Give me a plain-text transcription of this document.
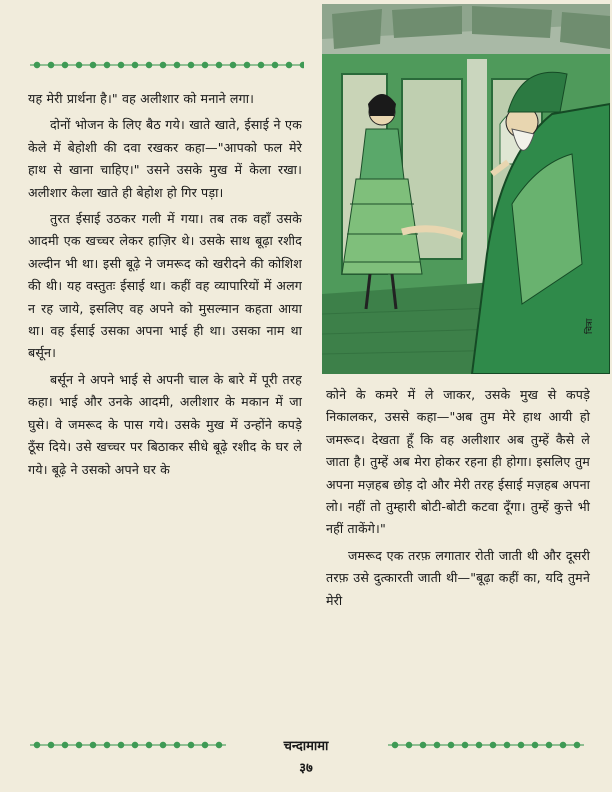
चित्रा

यह मेरी प्रार्थना है।" वह अलीशार को मनाने लगा।

दोनों भोजन के लिए बैठ गये। खाते खाते, ईसाई ने एक केले में बेहोशी की दवा रखकर कहा—"आपको फल मेरे हाथ से खाना चाहिए।" उसने उसके मुख में केला रखा। अलीशार केला खाते ही बेहोश हो गिर पड़ा।

तुरत ईसाई उठकर गली में गया। तब तक वहाँ उसके आदमी एक खच्चर लेकर हाज़िर थे। उसके साथ बूढ़ा रशीद अल्दीन भी था। इसी बूढ़े ने जमरूद को खरीदने की कोशिश की थी। यह वस्तुतः ईसाई था। कहीं वह व्यापारियों में अलग न रह जाये, इसलिए वह अपने को मुसल्मान कहता आया था। वह ईसाई उसका अपना भाई ही था। उसका नाम था बर्सून।

बर्सून ने अपने भाई से अपनी चाल के बारे में पूरी तरह कहा। भाई और उनके आदमी, अलीशार के मकान में जा घुसे। वे जमरूद के पास गये। उसके मुख में उन्होंने कपड़े ठूँस दिये। उसे खच्चर पर बिठाकर सीधे बूढ़े रशीद के घर ले गये। बूढ़े ने उसको अपने घर के

कोने के कमरे में ले जाकर, उसके मुख से कपड़े निकालकर, उससे कहा—"अब तुम मेरे हाथ आयी हो जमरूद। देखता हूँ कि वह अलीशार अब तुम्हें कैसे ले जाता है। तुम्हें अब मेरा होकर रहना ही होगा। इसलिए तुम अपना मज़हब छोड़ दो और मेरी तरह ईसाई मज़हब अपना लो। नहीं तो तुम्हारी बोटी-बोटी कटवा दूँगा। तुम्हें कुत्ते भी नहीं ताकेंगे।"

जमरूद एक तरफ़ लगातार रोती जाती थी और दूसरी तरफ़ उसे दुत्कारती जाती थी—"बूढ़ा कहीं का, यदि तुमने मेरी

चन्दामामा
३७
